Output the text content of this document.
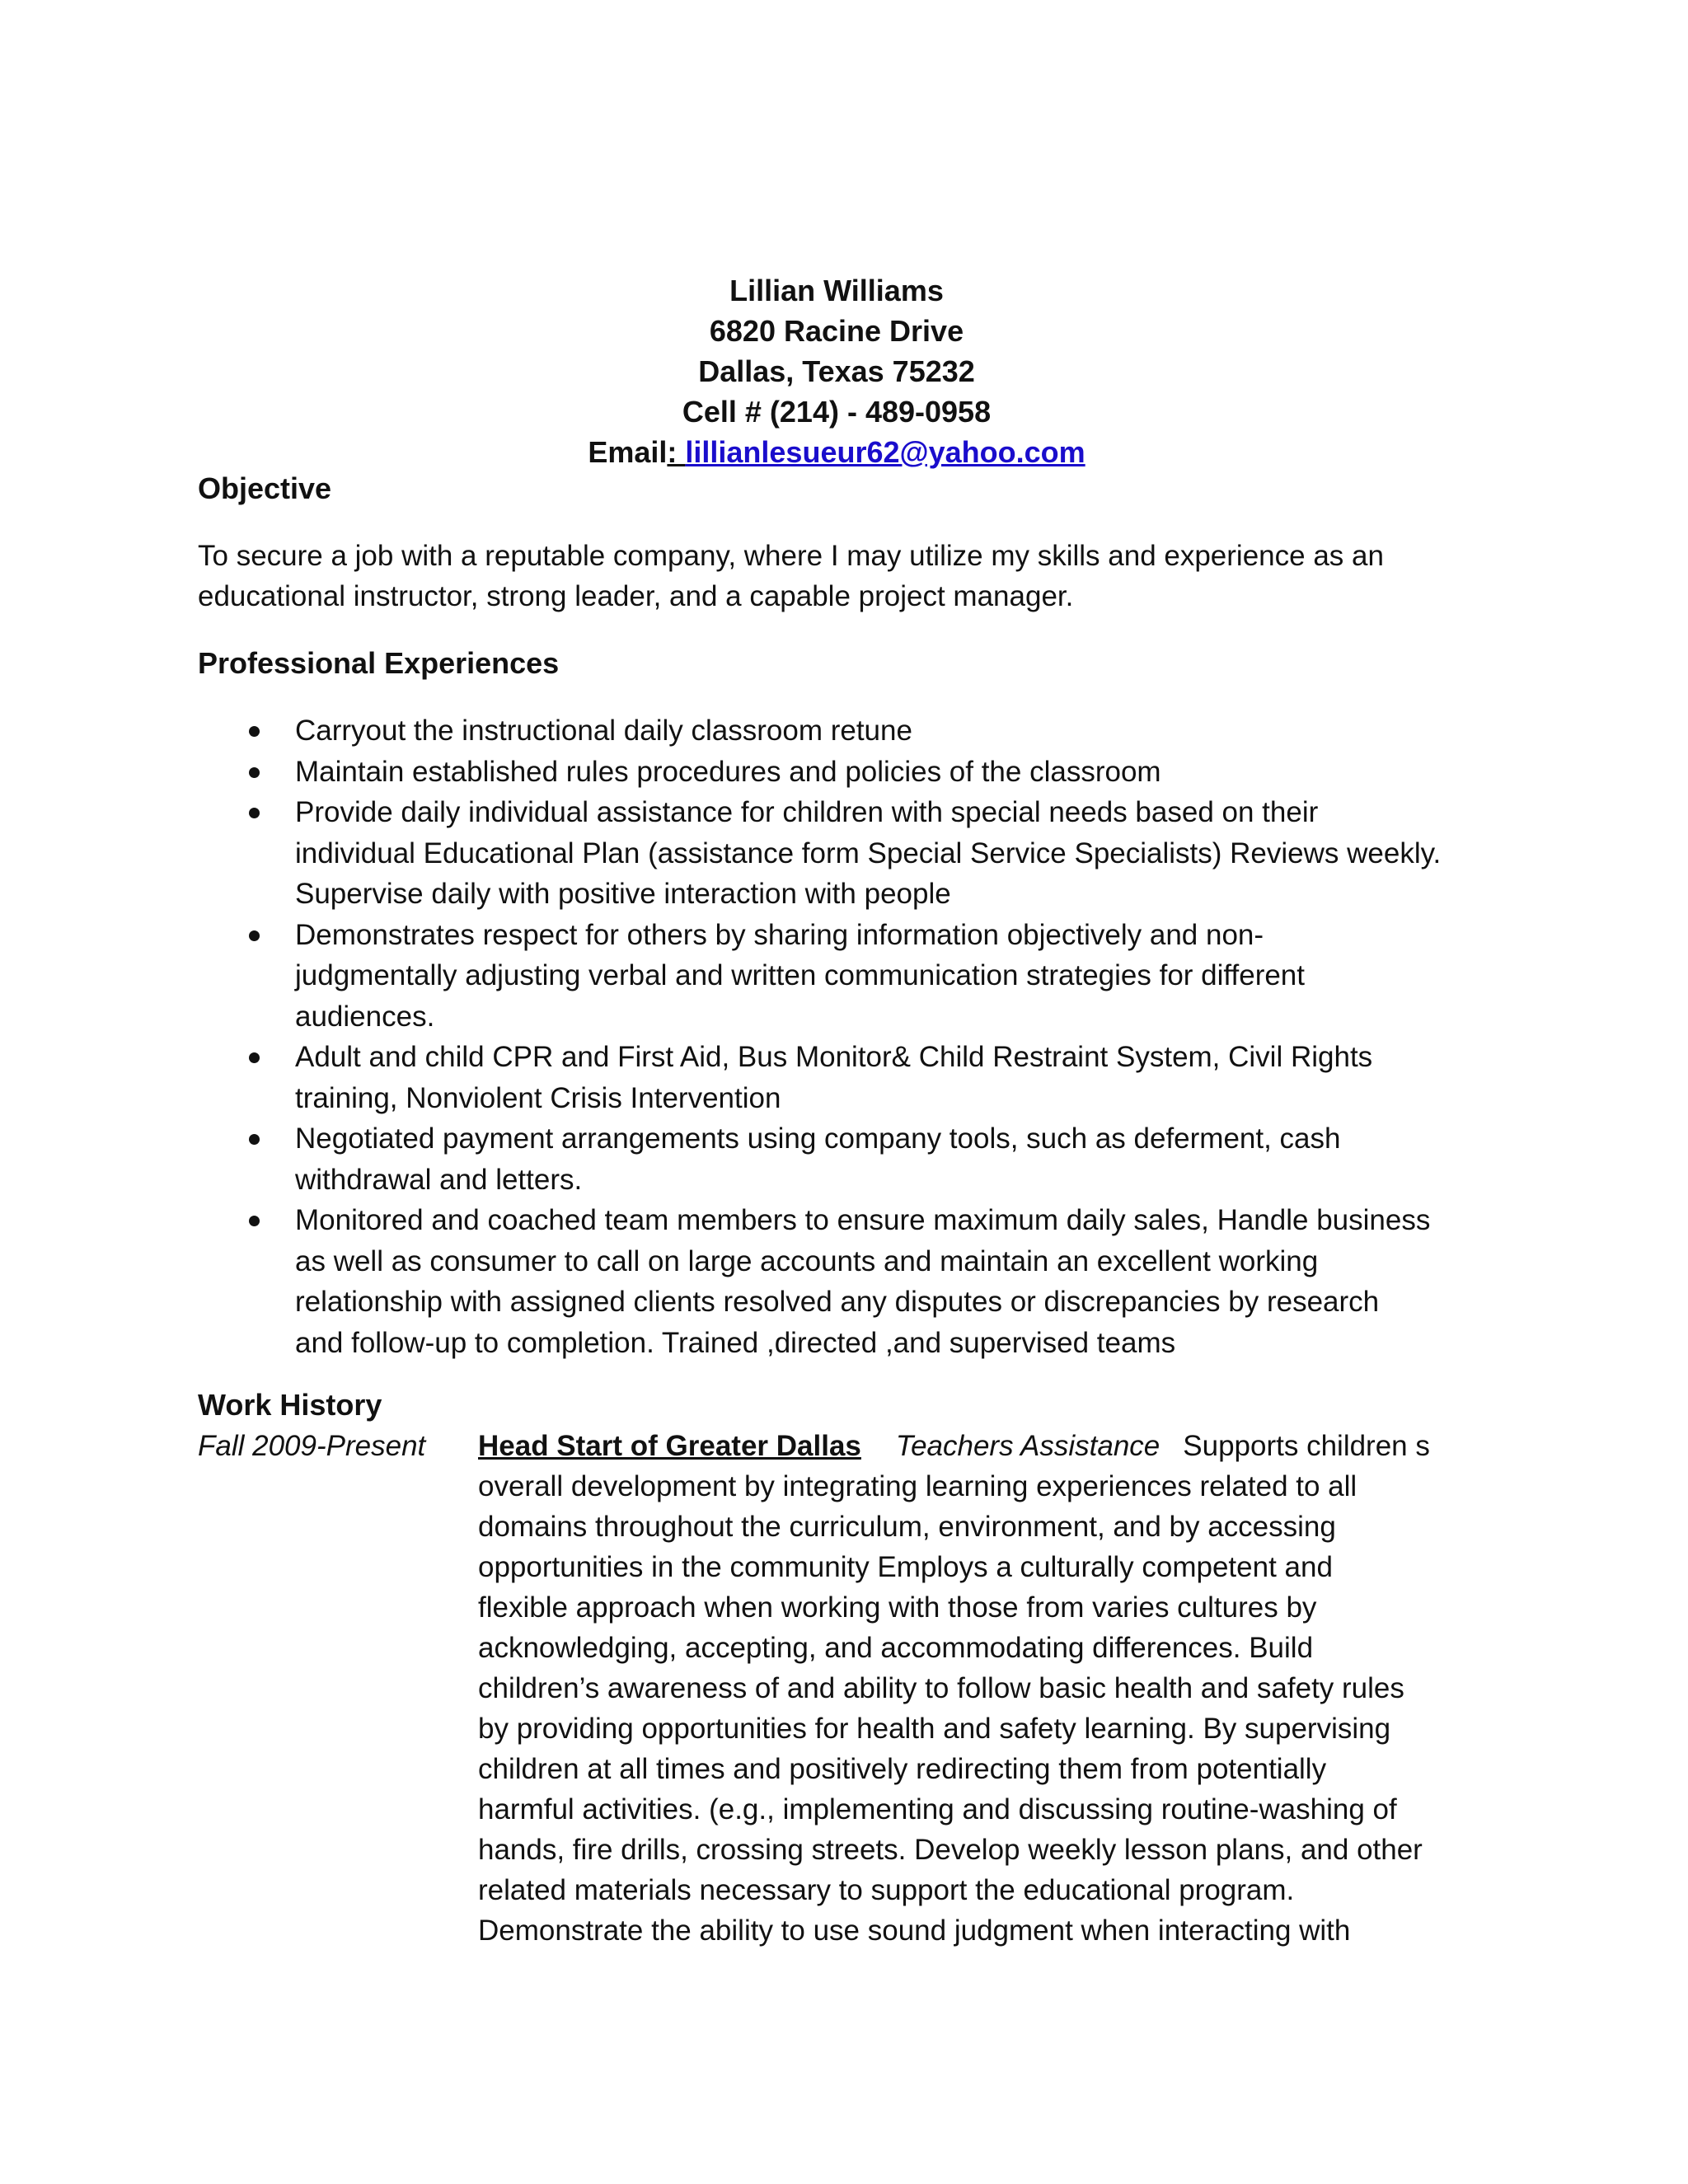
Lillian Williams
6820 Racine Drive
Dallas, Texas 75232
Cell # (214) - 489-0958
Email: lillianlesueur62@yahoo.com
Objective
To secure a job with a reputable company, where I may utilize my skills and experience as an
educational instructor, strong leader, and a capable project manager.
Professional Experiences
Carryout the instructional daily classroom retune
Maintain established rules procedures and policies of the classroom
Provide daily individual assistance for children with special needs based on their
individual Educational Plan (assistance form Special Service Specialists) Reviews weekly.
Supervise daily with positive interaction with people
Demonstrates respect for others by sharing information objectively and non-
judgmentally adjusting verbal and written communication strategies for different
audiences.
Adult and child CPR and First Aid, Bus Monitor& Child Restraint System, Civil Rights
training, Nonviolent Crisis Intervention
Negotiated payment arrangements using company tools, such as deferment, cash
withdrawal and letters.
Monitored and coached team members to ensure maximum daily sales, Handle business
as well as consumer to call on large accounts and maintain an excellent working
relationship with assigned clients resolved any disputes or discrepancies by research
and follow-up to completion. Trained ,directed ,and supervised teams
Work History
Fall 2009-Present Head Start of Greater Dallas Teachers Assistance Supports children s
overall development by integrating learning experiences related to all
domains throughout the curriculum, environment, and by accessing
opportunities in the community Employs a culturally competent and
flexible approach when working with those from varies cultures by
acknowledging, accepting, and accommodating differences. Build
children’s awareness of and ability to follow basic health and safety rules
by providing opportunities for health and safety learning. By supervising
children at all times and positively redirecting them from potentially
harmful activities. (e.g., implementing and discussing routine-washing of
hands, fire drills, crossing streets. Develop weekly lesson plans, and other
related materials necessary to support the educational program.
Demonstrate the ability to use sound judgment when interacting with
